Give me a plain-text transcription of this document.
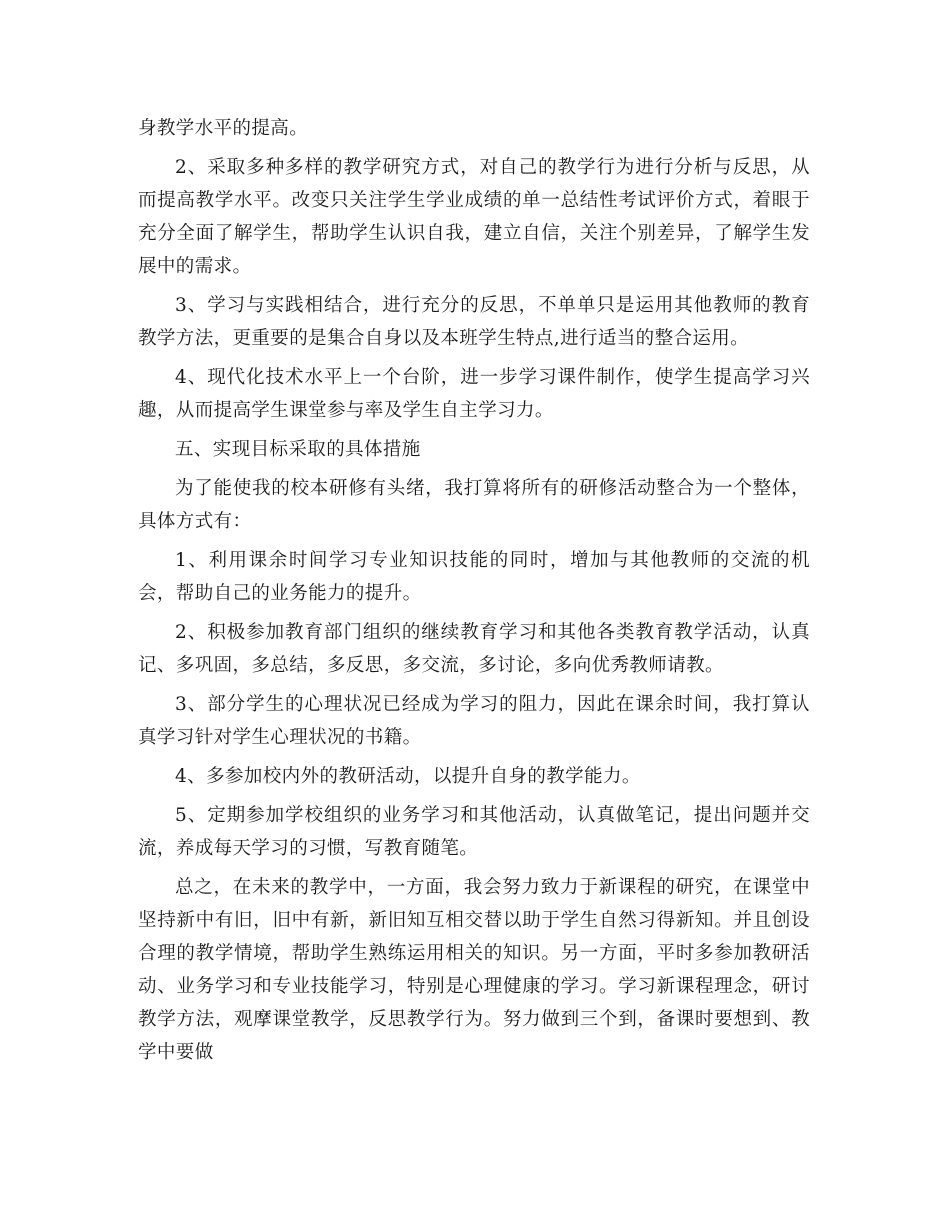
身教学水平的提高。

2、采取多种多样的教学研究方式，对自己的教学行为进行分析与反思，从而提高教学水平。改变只关注学生学业成绩的单一总结性考试评价方式，着眼于充分全面了解学生，帮助学生认识自我，建立自信，关注个别差异，了解学生发展中的需求。

3、学习与实践相结合，进行充分的反思，不单单只是运用其他教师的教育教学方法，更重要的是集合自身以及本班学生特点,进行适当的整合运用。

4、现代化技术水平上一个台阶，进一步学习课件制作，使学生提高学习兴趣，从而提高学生课堂参与率及学生自主学习力。

五、实现目标采取的具体措施

为了能使我的校本研修有头绪，我打算将所有的研修活动整合为一个整体，具体方式有：

1、利用课余时间学习专业知识技能的同时，增加与其他教师的交流的机会，帮助自己的业务能力的提升。

2、积极参加教育部门组织的继续教育学习和其他各类教育教学活动，认真记、多巩固，多总结，多反思，多交流，多讨论，多向优秀教师请教。

3、部分学生的心理状况已经成为学习的阻力，因此在课余时间，我打算认真学习针对学生心理状况的书籍。

4、多参加校内外的教研活动，以提升自身的教学能力。

5、定期参加学校组织的业务学习和其他活动，认真做笔记，提出问题并交流，养成每天学习的习惯，写教育随笔。

总之，在未来的教学中，一方面，我会努力致力于新课程的研究，在课堂中坚持新中有旧，旧中有新，新旧知互相交替以助于学生自然习得新知。并且创设合理的教学情境，帮助学生熟练运用相关的知识。另一方面，平时多参加教研活动、业务学习和专业技能学习，特别是心理健康的学习。学习新课程理念，研讨教学方法，观摩课堂教学，反思教学行为。努力做到三个到，备课时要想到、教学中要做
